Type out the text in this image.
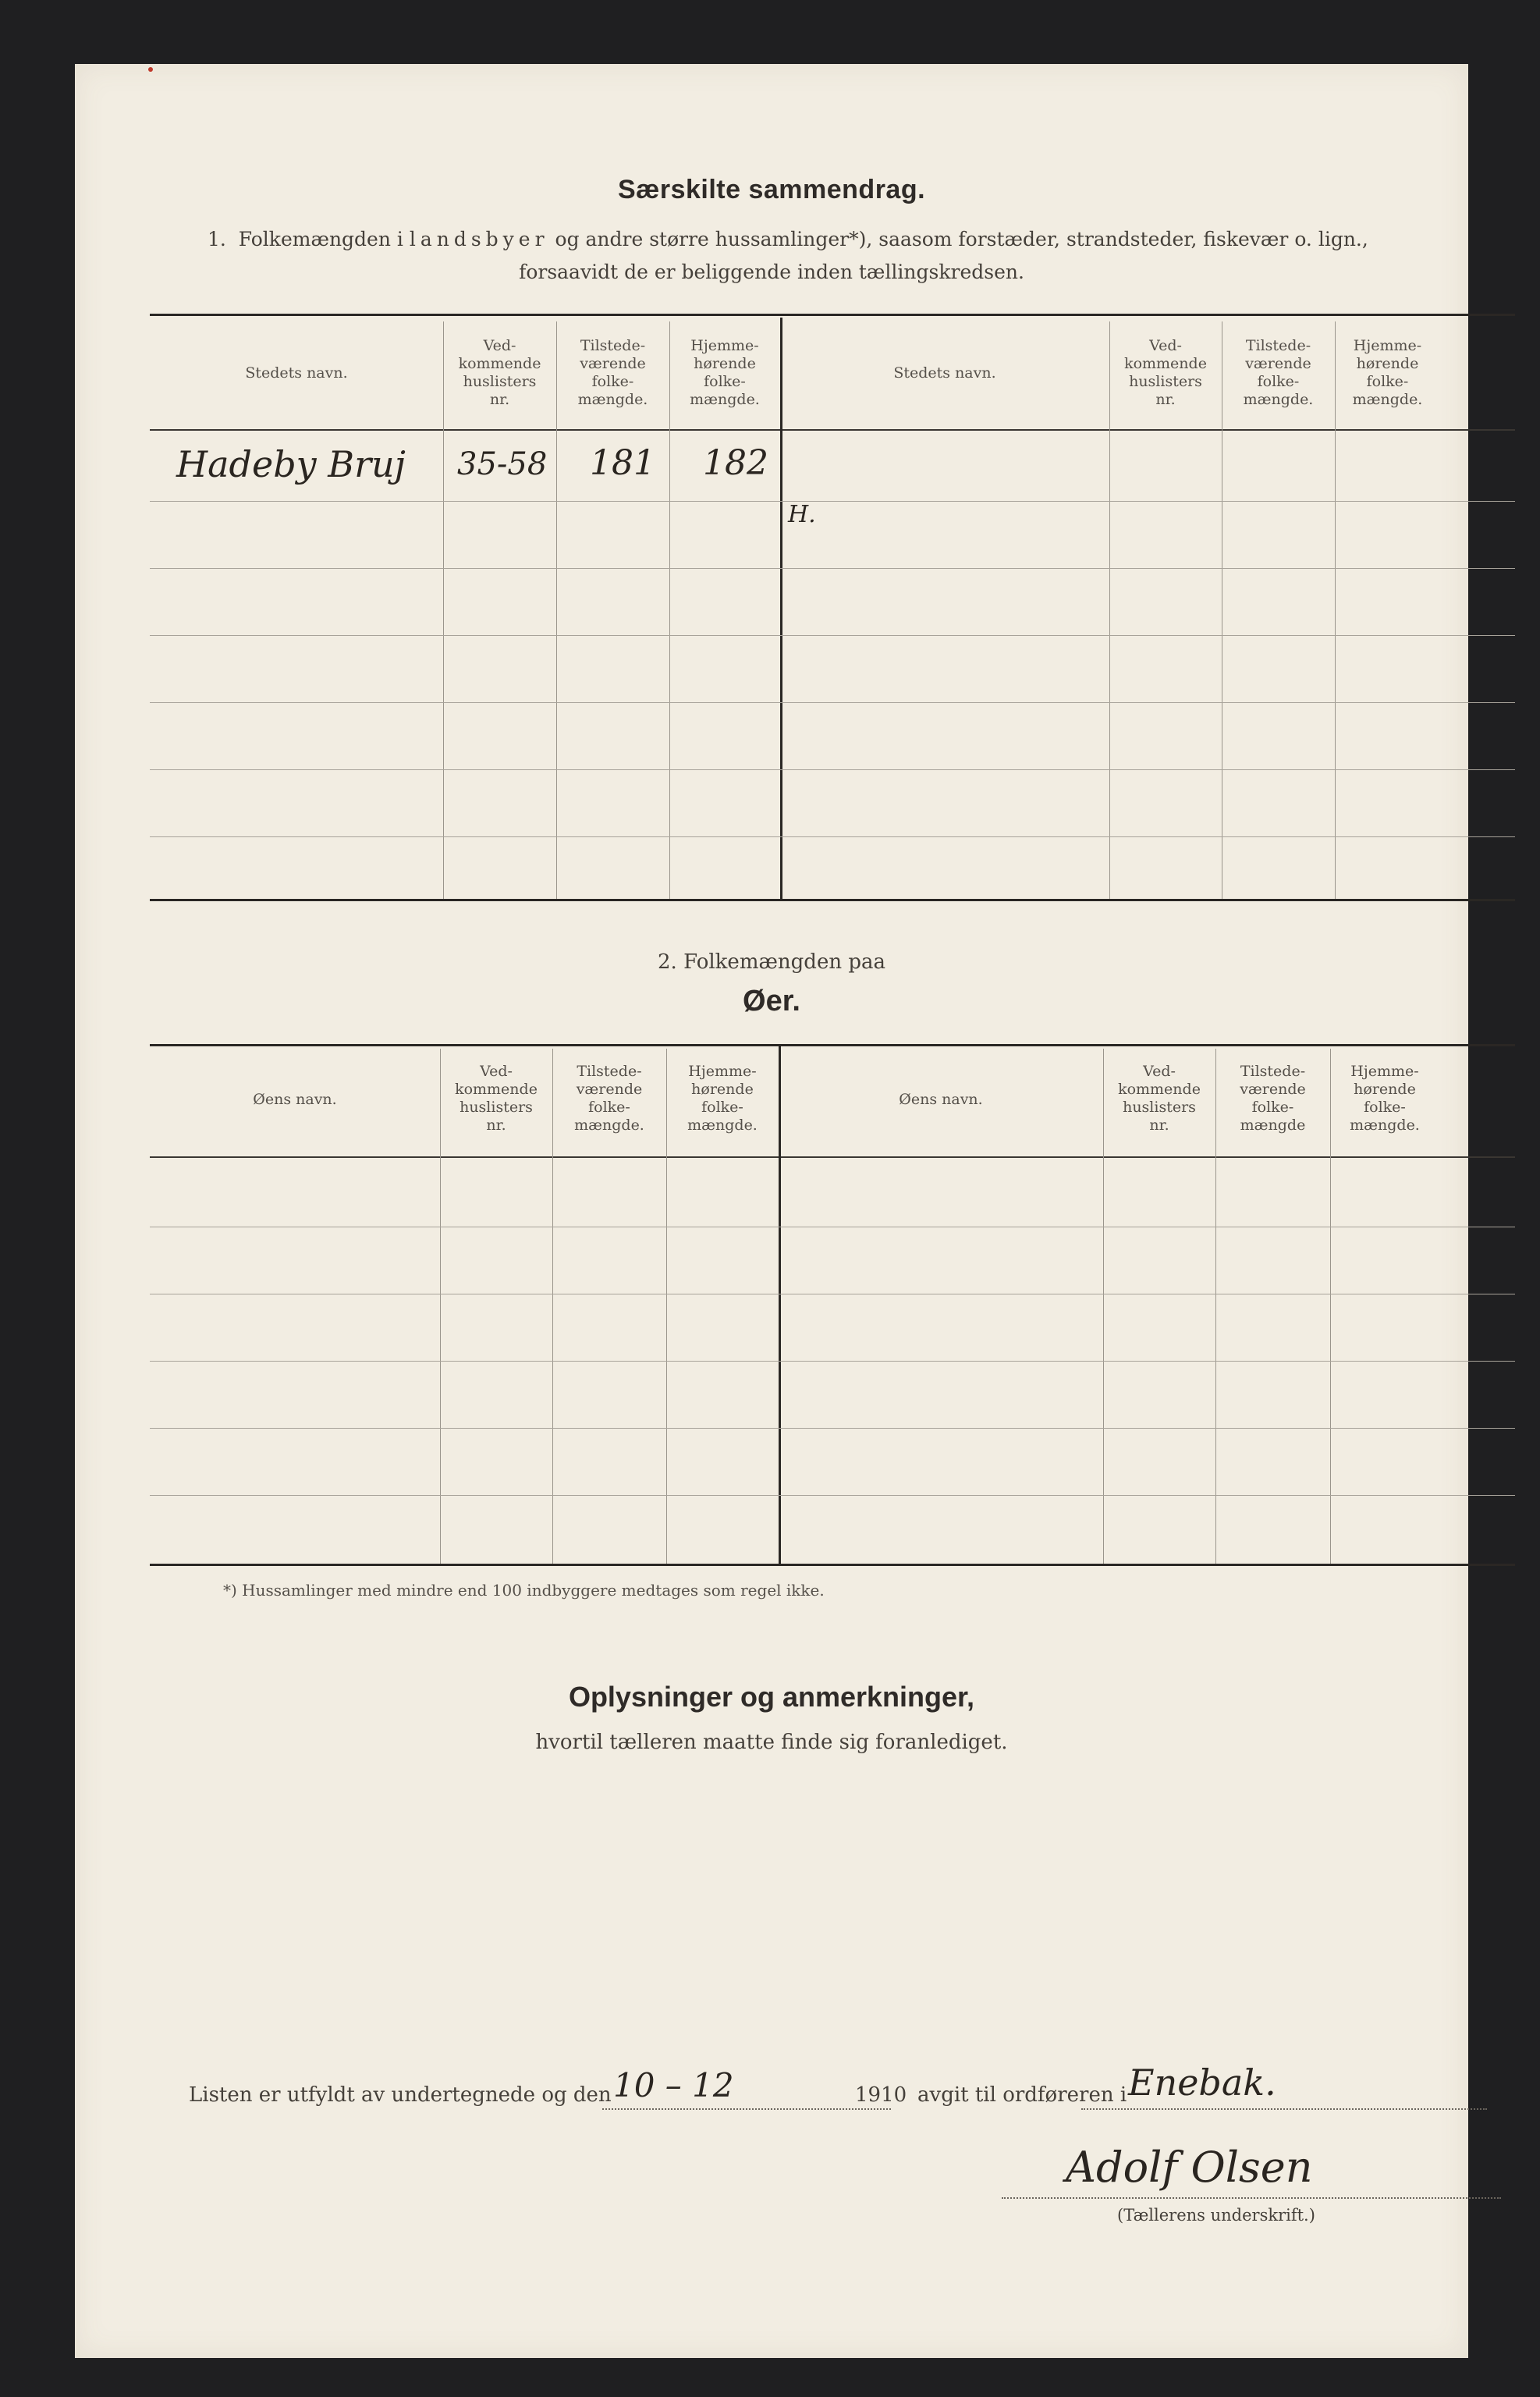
Særskilte sammendrag.
1. Folkemængden i landsbyer og andre større hussamlinger*), saasom forstæder, strandsteder, fiskevær o. lign.,
forsaavidt de er beliggende inden tællingskredsen.
Stedets navn.
Ved-
kommende
huslisters
nr.
Tilstede-
værende
folke-
mængde.
Hjemme-
hørende
folke-
mængde.
Stedets navn.
Ved-
kommende
huslisters
nr.
Tilstede-
værende
folke-
mængde.
Hjemme-
hørende
folke-
mængde.
Hadeby Bruj 35-58 181 182
H.
2. Folkemængden paa
Øer.
Øens navn.
Ved-
kommende
huslisters
nr.
Tilstede-
værende
folke-
mængde.
Hjemme-
hørende
folke-
mængde.
Øens navn.
Ved-
kommende
huslisters
nr.
Tilstede-
værende
folke-
mængde
Hjemme-
hørende
folke-
mængde.
*) Hussamlinger med mindre end 100 indbyggere medtages som regel ikke.
Oplysninger og anmerkninger,
hvortil tælleren maatte finde sig foranlediget.
Listen er utfyldt av undertegnede og den 10 – 12	1910 avgit til ordføreren i Enebak.
Adolf Olsen
(Tællerens underskrift.)
